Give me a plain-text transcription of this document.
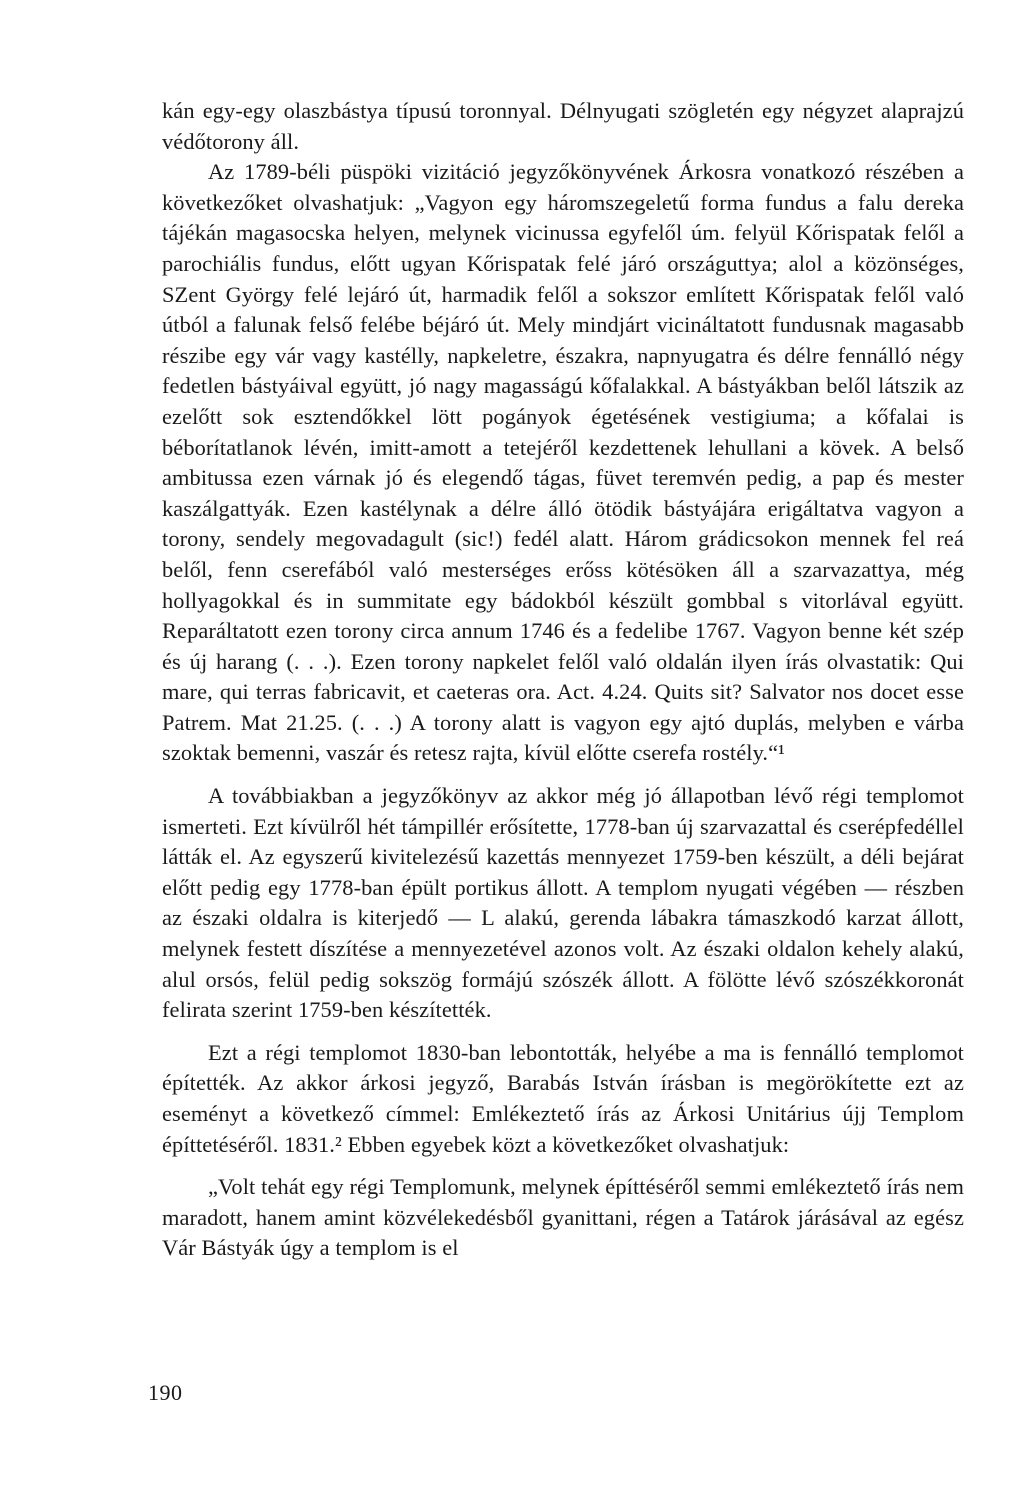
kán egy-egy olaszbástya típusú toronnyal. Délnyugati szögletén egy négyzet alaprajzú védőtorony áll.

Az 1789-béli püspöki vizitáció jegyzőkönyvének Árkosra vonatkozó részében a következőket olvashatjuk: „Vagyon egy háromszegeletű forma fundus a falu dereka tájékán magasocska helyen, melynek vicinussa egyfelől úm. felyül Kőrispatak felől a parochiális fundus, előtt ugyan Kőrispatak felé járó országuttya; alol a közönséges, SZent György felé lejáró út, harmadik felől a sokszor említett Kőrispatak felől való útból a falunak felső felébe béjáró út. Mely mindjárt vicináltatott fundusnak magasabb részibe egy vár vagy kastélly, napkeletre, északra, napnyugatra és délre fennálló négy fedetlen bástyáival együtt, jó nagy magasságú kőfalakkal. A bástyákban belől látszik az ezelőtt sok esztendőkkel lött pogányok égetésének vestigiuma; a kőfalai is béborítatlanok lévén, imitt-amott a tetejéről kezdettenek lehullani a kövek. A belső ambitussa ezen várnak jó és elegendő tágas, füvet teremvén pedig, a pap és mester kaszálgattyák. Ezen kastélynak a délre álló ötödik bástyájára erigáltatva vagyon a torony, sendely megovadagult (sic!) fedél alatt. Három grádicsokon mennek fel reá belől, fenn cserefából való mesterséges erőss kötésöken áll a szarvazattya, még hollyagokkal és in summitate egy bádokból készült gombbal s vitorlával együtt. Reparáltatott ezen torony circa annum 1746 és a fedelibe 1767. Vagyon benne két szép és új harang (. . .). Ezen torony napkelet felől való oldalán ilyen írás olvastatik: Qui mare, qui terras fabricavit, et caeteras ora. Act. 4.24. Quits sit? Salvator nos docet esse Patrem. Mat 21.25. (. . .) A torony alatt is vagyon egy ajtó duplás, melyben e várba szoktak bemenni, vaszár és retesz rajta, kívül előtte cserefa rostély.“¹

A továbbiakban a jegyzőkönyv az akkor még jó állapotban lévő régi templomot ismerteti. Ezt kívülről hét támpillér erősítette, 1778-ban új szarvazattal és cserépfedéllel látták el. Az egyszerű kivitelezésű kazettás mennyezet 1759-ben készült, a déli bejárat előtt pedig egy 1778-ban épült portikus állott. A templom nyugati végében — részben az északi oldalra is kiterjedő — L alakú, gerenda lábakra támaszkodó karzat állott, melynek festett díszítése a mennyezetével azonos volt. Az északi oldalon kehely alakú, alul orsós, felül pedig sokszög formájú szószék állott. A fölötte lévő szószékkoronát felirata szerint 1759-ben készítették.

Ezt a régi templomot 1830-ban lebontották, helyébe a ma is fennálló templomot építették. Az akkor árkosi jegyző, Barabás István írásban is megörökítette ezt az eseményt a következő címmel: Emlékeztető írás az Árkosi Unitárius újj Templom építtetéséről. 1831.² Ebben egyebek közt a következőket olvashatjuk:

„Volt tehát egy régi Templomunk, melynek építtéséről semmi emlékeztető írás nem maradott, hanem amint közvélekedésből gyanittani, régen a Tatárok járásával az egész Vár Bástyák úgy a templom is el

190
